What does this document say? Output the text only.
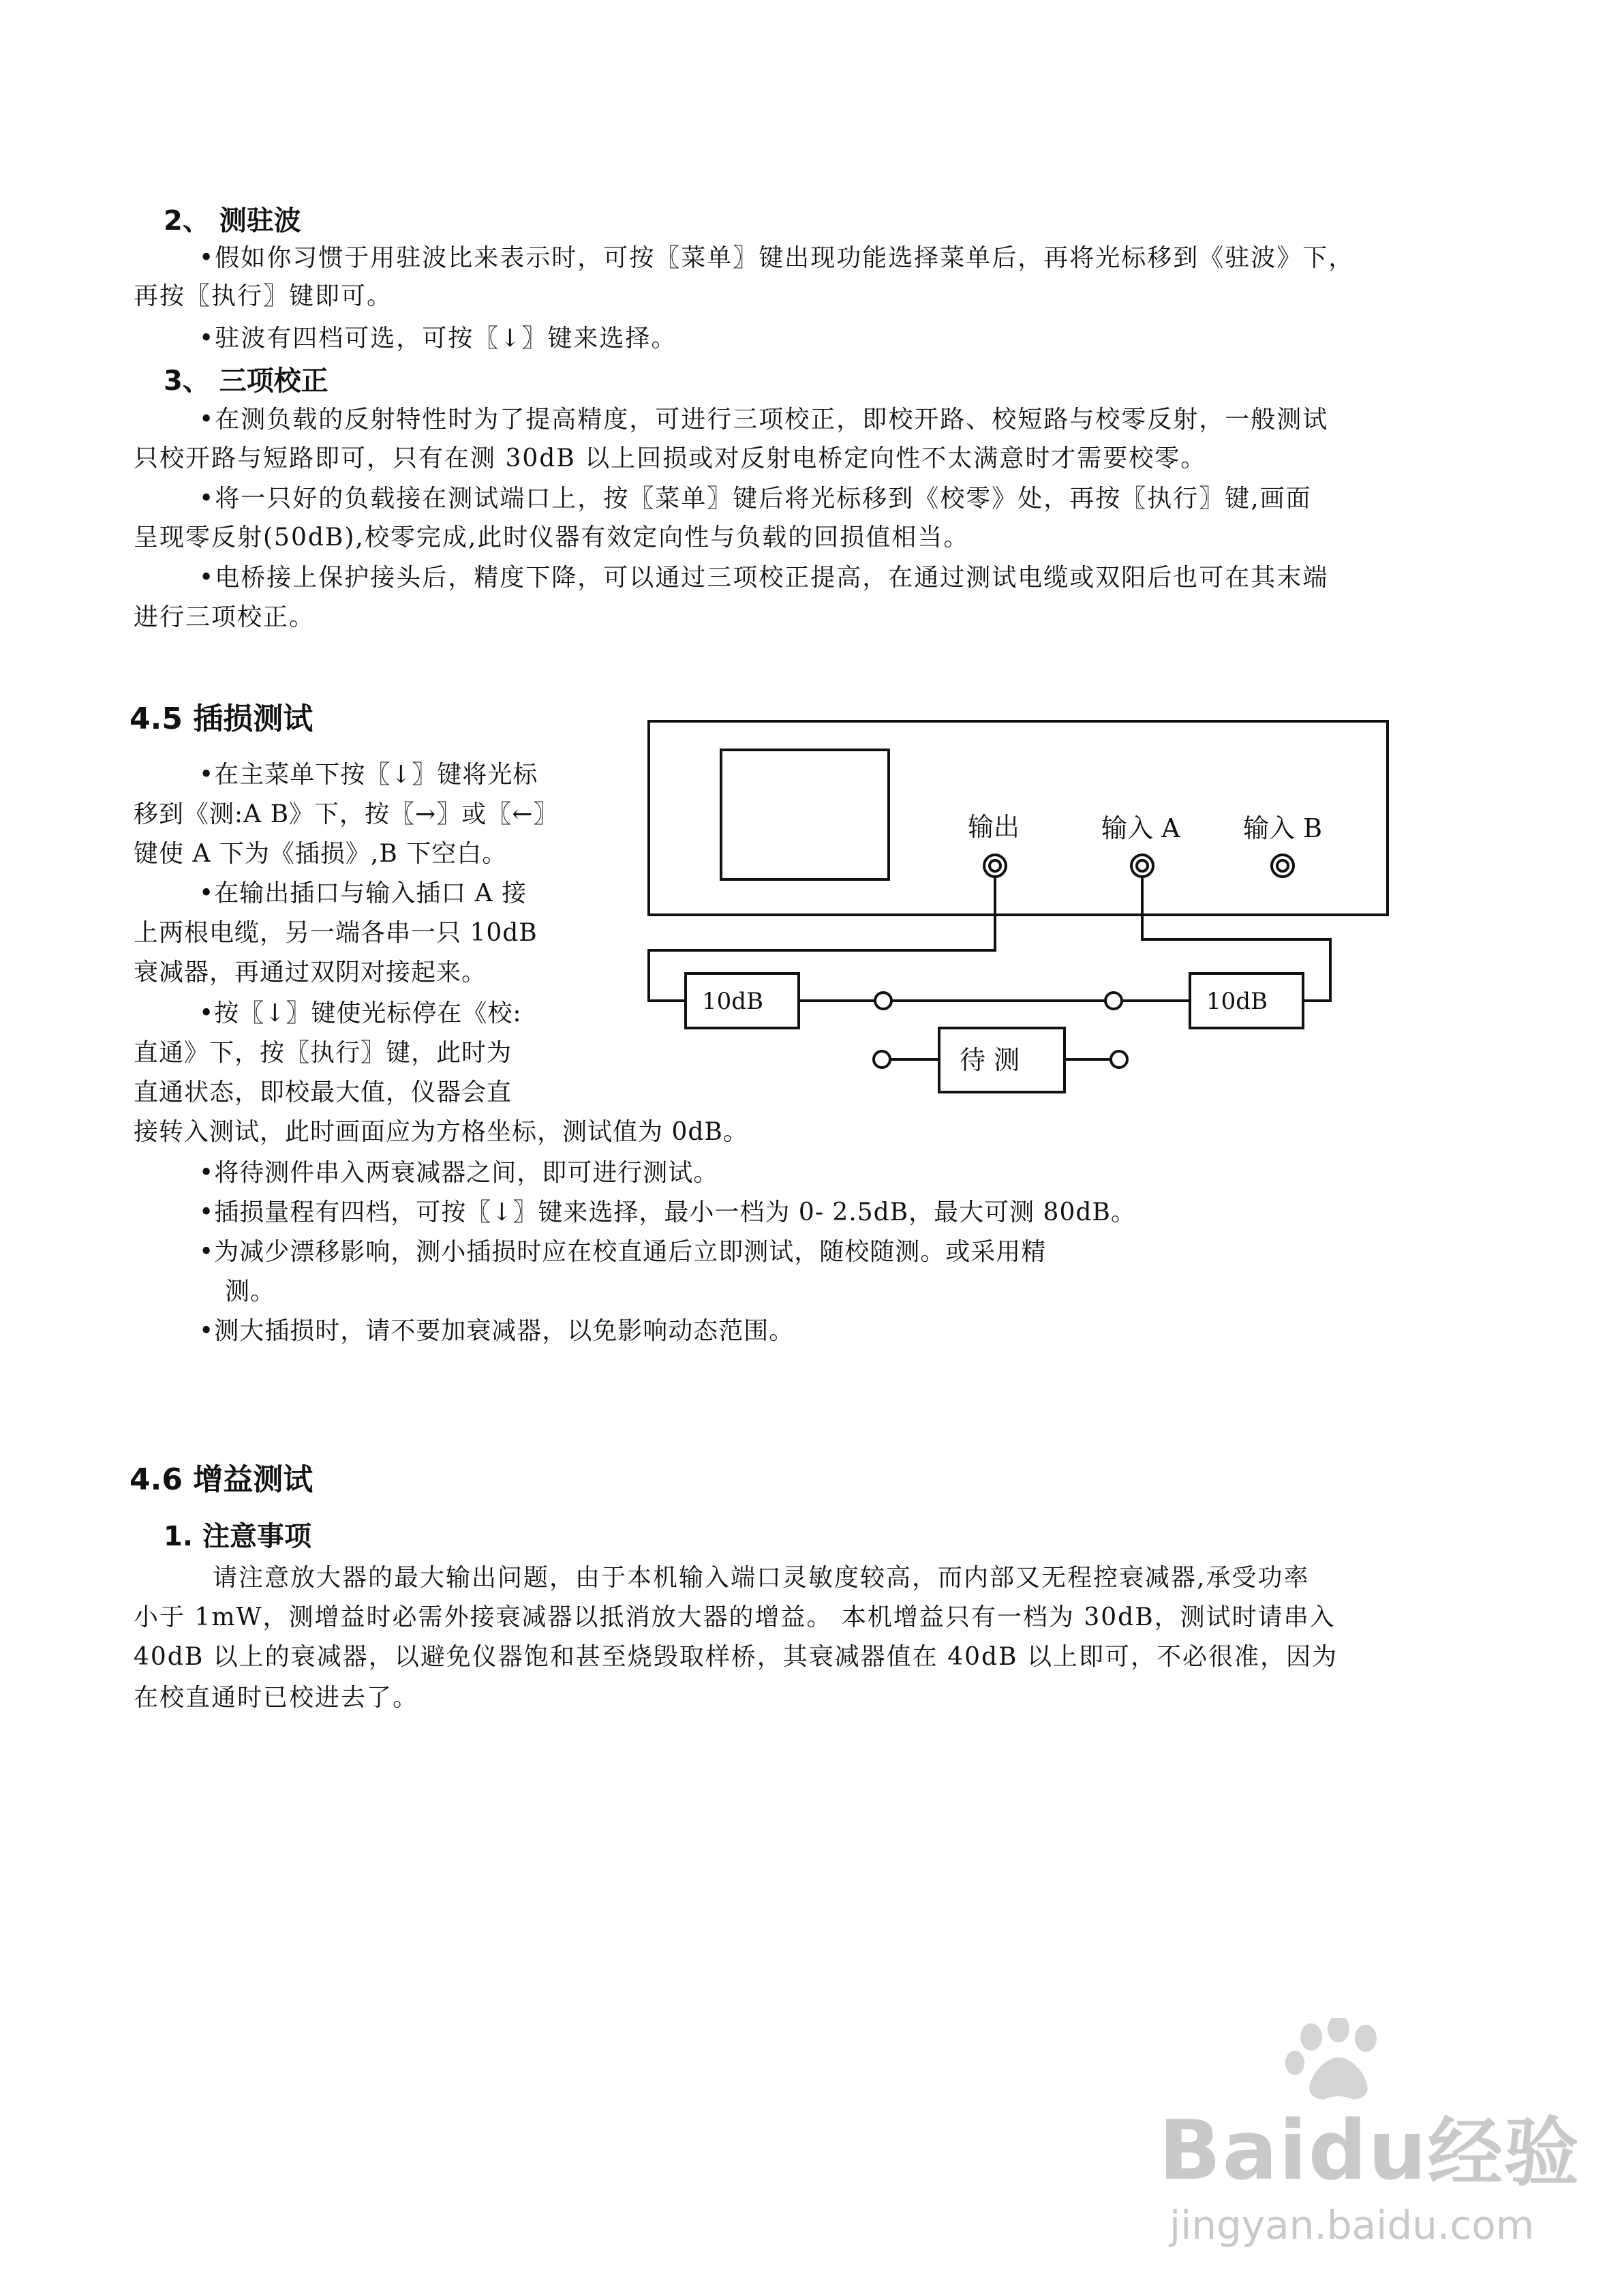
2、 测驻波
•假如你习惯于用驻波比来表示时，可按〖菜单〗键出现功能选择菜单后，再将光标移到《驻波》下，
再按〖执行〗键即可。
•驻波有四档可选，可按〖↓〗键来选择。
3、 三项校正
•在测负载的反射特性时为了提高精度，可进行三项校正，即校开路、校短路与校零反射，一般测试
只校开路与短路即可，只有在测 30dB 以上回损或对反射电桥定向性不太满意时才需要校零。
•将一只好的负载接在测试端口上，按〖菜单〗键后将光标移到《校零》处，再按〖执行〗键,画面
呈现零反射(50dB),校零完成,此时仪器有效定向性与负载的回损值相当。
•电桥接上保护接头后，精度下降，可以通过三项校正提高，在通过测试电缆或双阳后也可在其末端
进行三项校正。
4.5 插损测试
•在主菜单下按〖↓〗键将光标
移到《测:A B》下，按〖→〗或〖←〗
键使 A 下为《插损》,B 下空白。
•在输出插口与输入插口 A 接
上两根电缆，另一端各串一只 10dB
衰减器，再通过双阴对接起来。
•按〖↓〗键使光标停在《校:
直通》下，按〖执行〗键，此时为
直通状态，即校最大值，仪器会直
接转入测试，此时画面应为方格坐标，测试值为 0dB。
•将待测件串入两衰减器之间，即可进行测试。
•插损量程有四档，可按〖↓〗键来选择，最小一档为 0- 2.5dB，最大可测 80dB。
•为减少漂移影响，测小插损时应在校直通后立即测试，随校随测。或采用精
测。
•测大插损时，请不要加衰减器，以免影响动态范围。
输出	输入 A 输入 B
10dB	10dB
待 测
4.6 增益测试
1. 注意事项
请注意放大器的最大输出问题，由于本机输入端口灵敏度较高，而内部又无程控衰减器,承受功率
小于 1mW，测增益时必需外接衰减器以抵消放大器的增益。 本机增益只有一档为 30dB，测试时请串入
40dB 以上的衰减器，以避免仪器饱和甚至烧毁取样桥，其衰减器值在 40dB 以上即可，不必很准，因为
在校直通时已校进去了。
Baidu经验
jingyan.baidu.com
